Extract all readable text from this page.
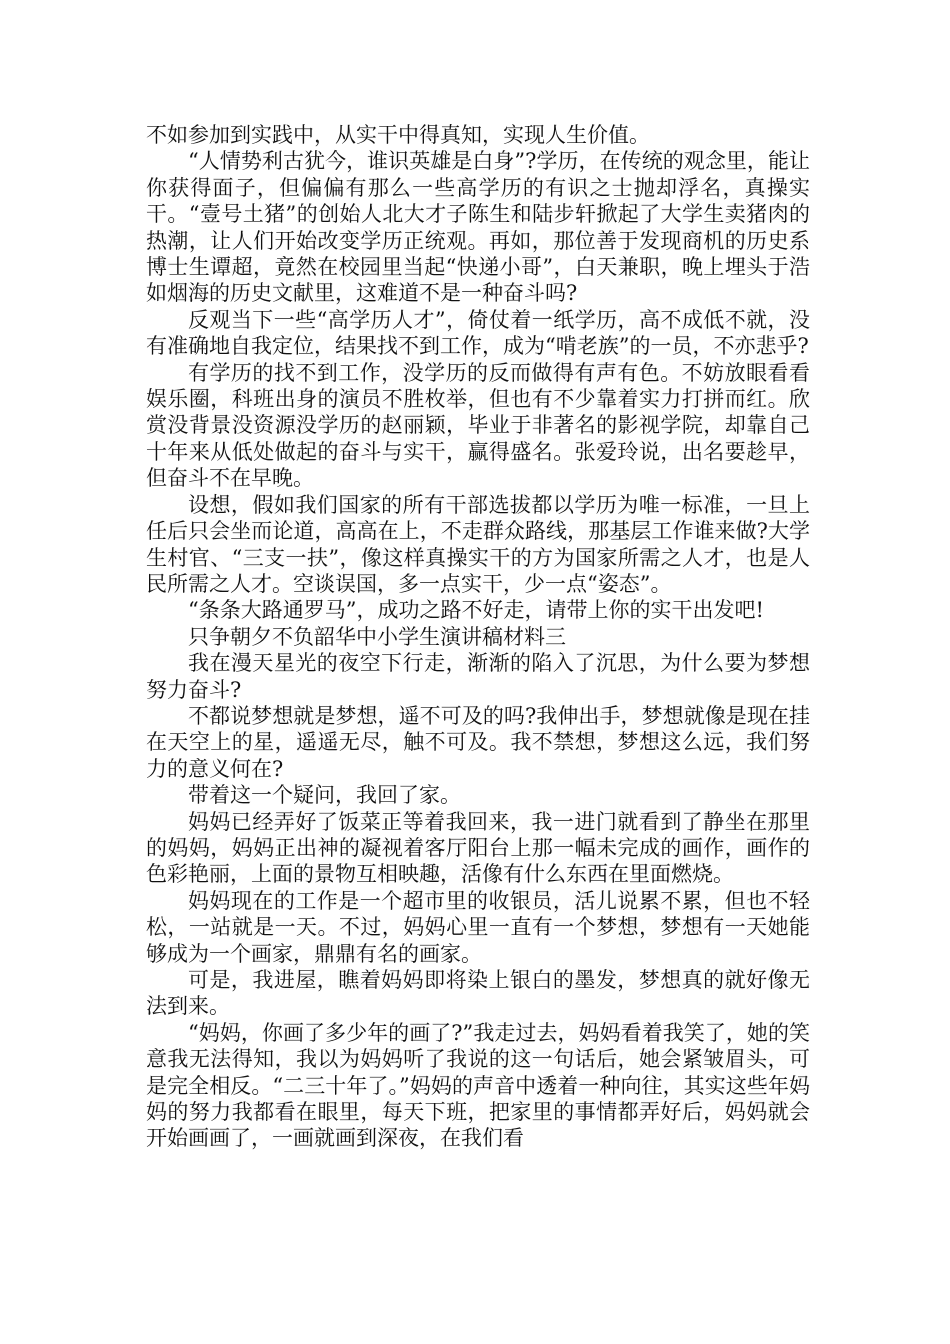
不如参加到实践中，从实干中得真知，实现人生价值。

“人情势利古犹今，谁识英雄是白身”?学历，在传统的观念里，能让你获得面子，但偏偏有那么一些高学历的有识之士抛却浮名，真操实干。“壹号土猪”的创始人北大才子陈生和陆步轩掀起了大学生卖猪肉的热潮，让人们开始改变学历正统观。再如，那位善于发现商机的历史系博士生谭超，竟然在校园里当起“快递小哥”，白天兼职，晚上埋头于浩如烟海的历史文献里，这难道不是一种奋斗吗?

反观当下一些“高学历人才”，倚仗着一纸学历，高不成低不就，没有准确地自我定位，结果找不到工作，成为“啃老族”的一员，不亦悲乎?

有学历的找不到工作，没学历的反而做得有声有色。不妨放眼看看娱乐圈，科班出身的演员不胜枚举，但也有不少靠着实力打拼而红。欣赏没背景没资源没学历的赵丽颖，毕业于非著名的影视学院，却靠自己十年来从低处做起的奋斗与实干，赢得盛名。张爱玲说，出名要趁早，但奋斗不在早晚。

设想，假如我们国家的所有干部选拔都以学历为唯一标准，一旦上任后只会坐而论道，高高在上，不走群众路线，那基层工作谁来做?大学生村官、“三支一扶”，像这样真操实干的方为国家所需之人才，也是人民所需之人才。空谈误国，多一点实干，少一点“姿态”。

“条条大路通罗马”，成功之路不好走，请带上你的实干出发吧!

只争朝夕不负韶华中小学生演讲稿材料三

我在漫天星光的夜空下行走，渐渐的陷入了沉思，为什么要为梦想努力奋斗?

不都说梦想就是梦想，遥不可及的吗?我伸出手，梦想就像是现在挂在天空上的星，遥遥无尽，触不可及。我不禁想，梦想这么远，我们努力的意义何在?

带着这一个疑问，我回了家。

妈妈已经弄好了饭菜正等着我回来，我一进门就看到了静坐在那里的妈妈，妈妈正出神的凝视着客厅阳台上那一幅未完成的画作，画作的色彩艳丽，上面的景物互相映趣，活像有什么东西在里面燃烧。

妈妈现在的工作是一个超市里的收银员，活儿说累不累，但也不轻松，一站就是一天。不过，妈妈心里一直有一个梦想，梦想有一天她能够成为一个画家，鼎鼎有名的画家。

可是，我进屋，瞧着妈妈即将染上银白的墨发，梦想真的就好像无法到来。

“妈妈，你画了多少年的画了?”我走过去，妈妈看着我笑了，她的笑意我无法得知，我以为妈妈听了我说的这一句话后，她会紧皱眉头，可是完全相反。“二三十年了。”妈妈的声音中透着一种向往，其实这些年妈妈的努力我都看在眼里，每天下班，把家里的事情都弄好后，妈妈就会开始画画了，一画就画到深夜，在我们看
